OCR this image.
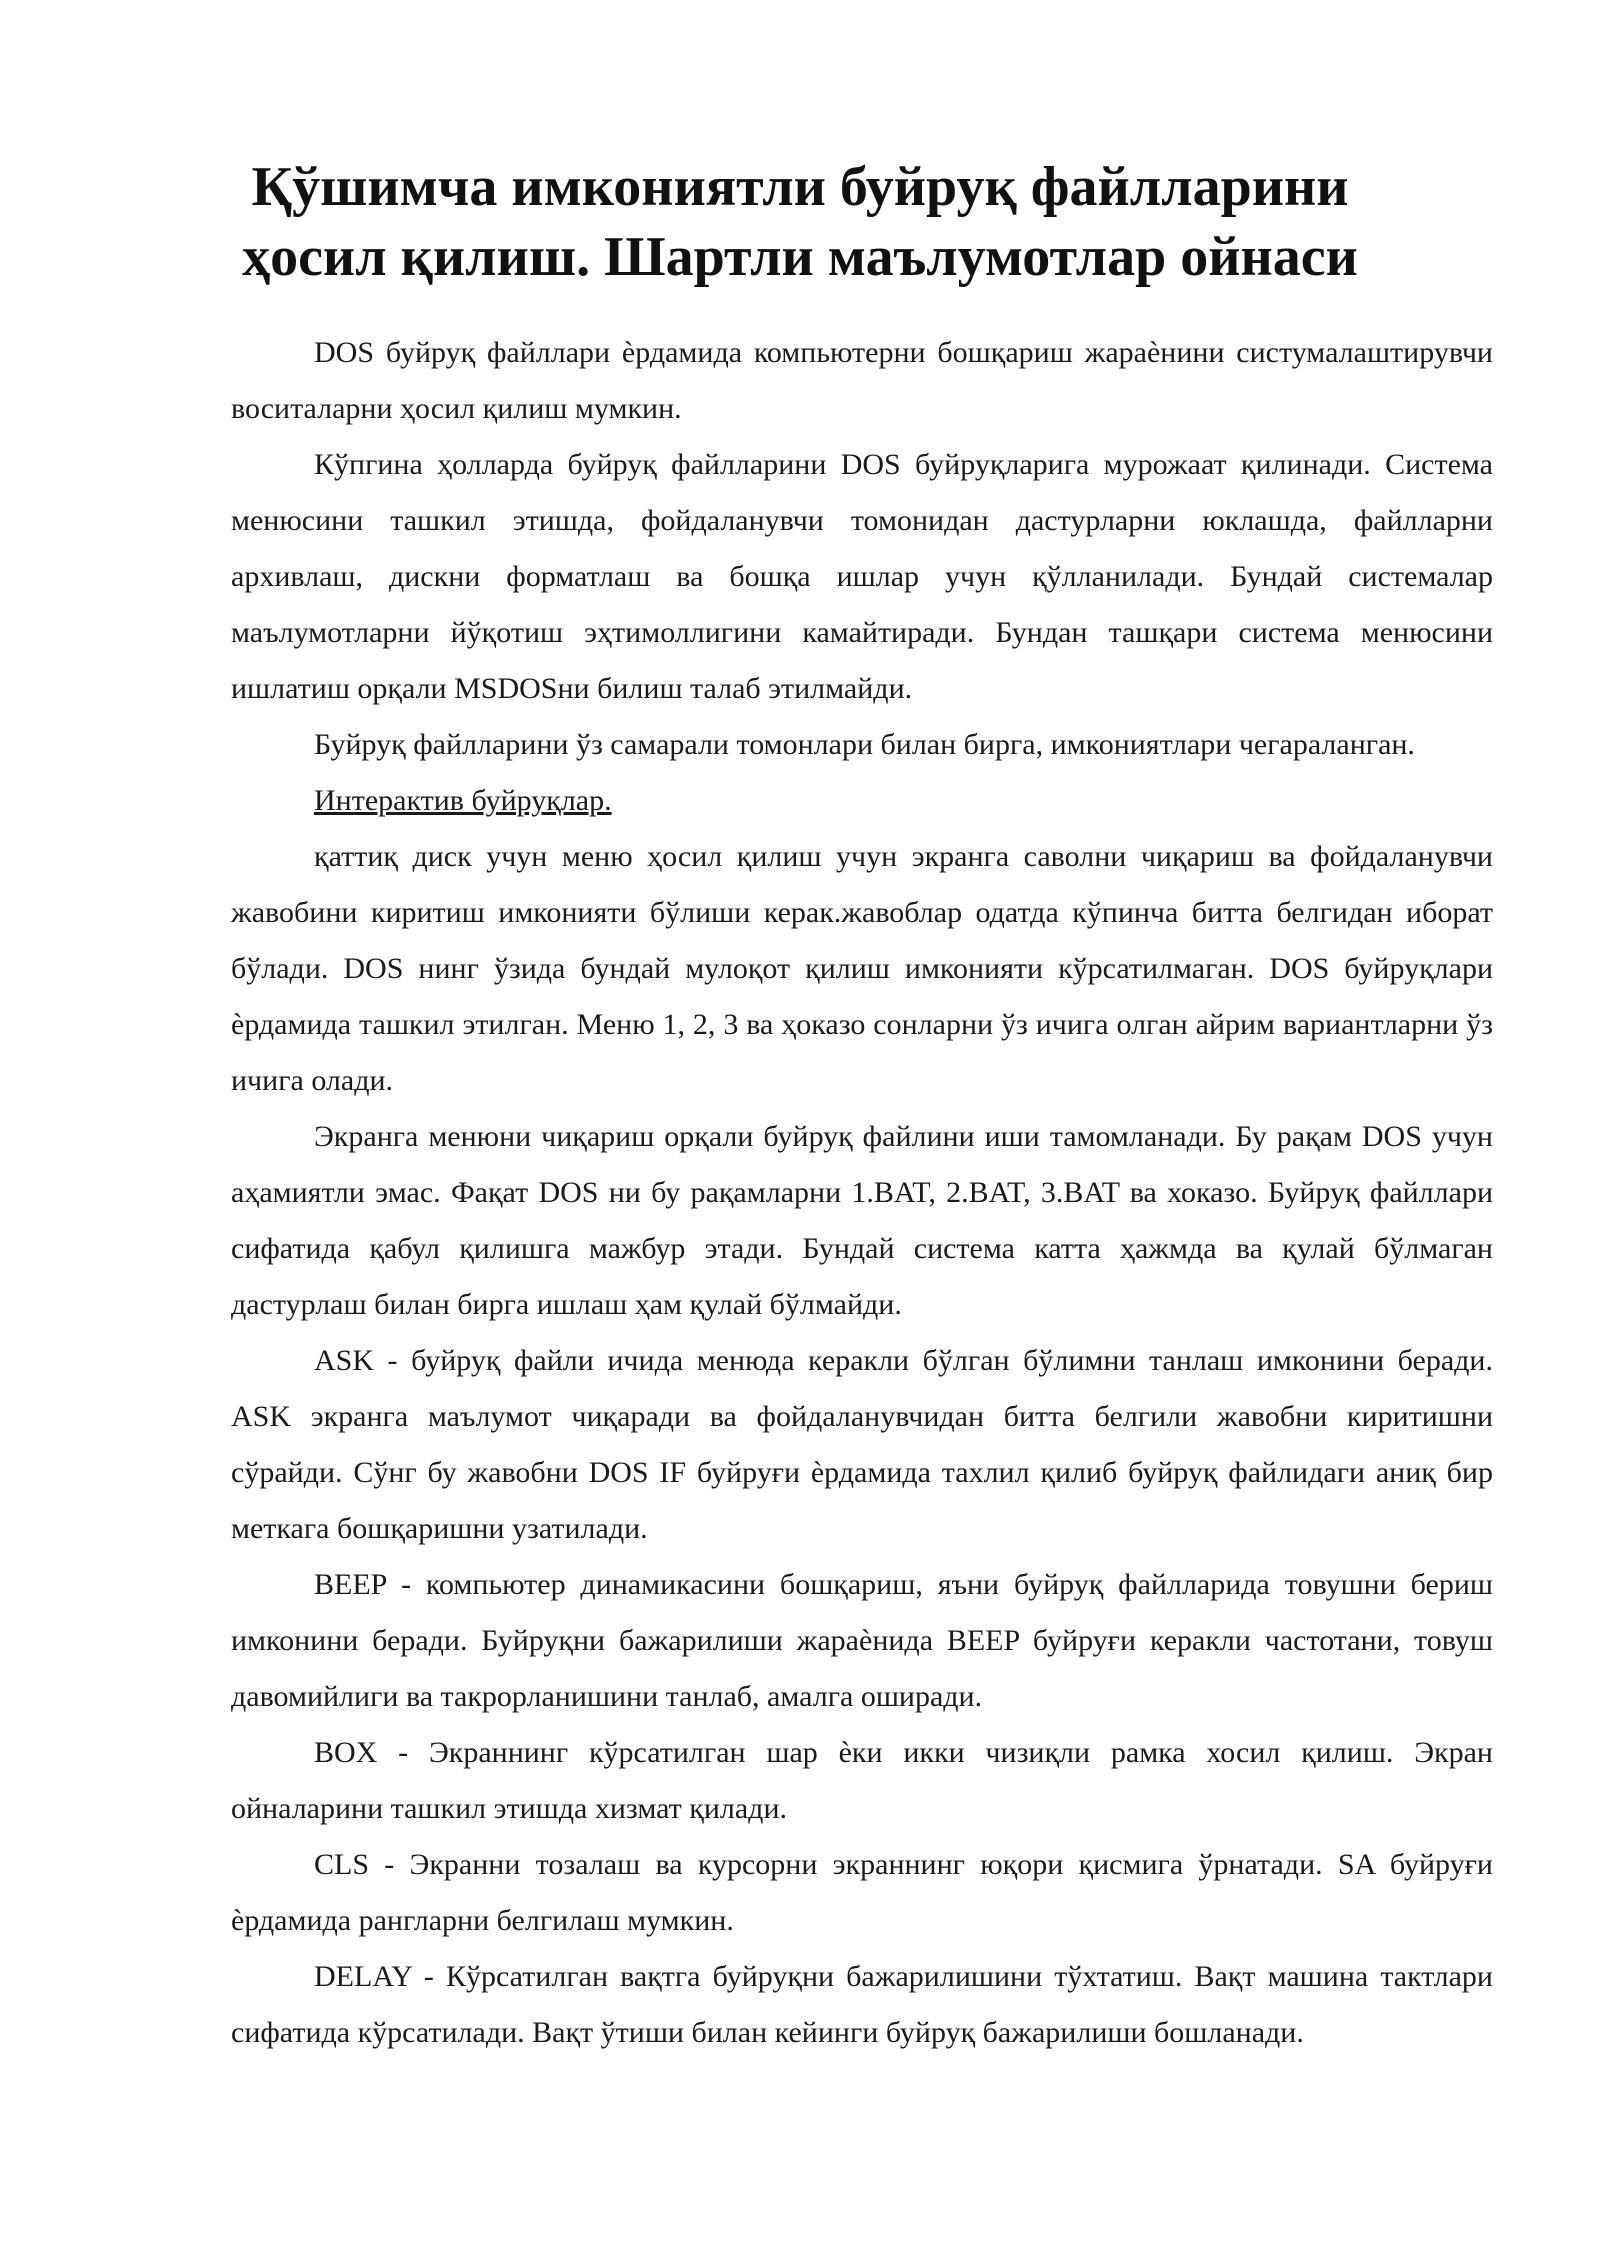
Қўшимча имкониятли буйруқ файлларини ҳосил қилиш. Шартли маълумотлар ойнаси

DOS буйруқ файллари ѐрдамида компьютерни бошқариш жараѐнини систумалаштирувчи воситаларни ҳосил қилиш мумкин.

Кўпгина ҳолларда буйруқ файлларини DOS буйруқларига мурожаат қилинади. Система менюсини ташкил этишда, фойдаланувчи томонидан дастурларни юклашда, файлларни архивлаш, дискни форматлаш ва бошқа ишлар учун қўлланилади. Бундай системалар маълумотларни йўқотиш эҳтимоллигини камайтиради. Бундан ташқари система менюсини ишлатиш орқали MSDOSни билиш талаб этилмайди.

Буйруқ файлларини ўз самарали томонлари билан бирга, имкониятлари чегараланган.

Интерактив буйруқлар.

қаттиқ диск учун меню ҳосил қилиш учун экранга саволни чиқариш ва фойдаланувчи жавобини киритиш имконияти бўлиши керак.жавоблар одатда кўпинча битта белгидан иборат бўлади. DOS нинг ўзида бундай мулоқот қилиш имконияти кўрсатилмаган. DOS буйруқлари ѐрдамида ташкил этилган. Меню 1, 2, 3 ва ҳоказо сонларни ўз ичига олган айрим вариантларни ўз ичига олади.

Экранга менюни чиқариш орқали буйруқ файлини иши тамомланади. Бу рақам DOS учун аҳамиятли эмас. Фақат DOS ни бу рақамларни 1.BAT, 2.BAT, 3.BAT ва хоказо. Буйруқ файллари сифатида қабул қилишга мажбур этади. Бундай система катта ҳажмда ва қулай бўлмаган дастурлаш билан бирга ишлаш ҳам қулай бўлмайди.

ASK - буйруқ файли ичида менюда керакли бўлган бўлимни танлаш имконини беради. ASK экранга маълумот чиқаради ва фойдаланувчидан битта белгили жавобни киритишни сўрайди. Сўнг бу жавобни DOS IF буйруғи ѐрдамида тахлил қилиб буйруқ файлидаги аниқ бир меткага бошқаришни узатилади.

BEEP - компьютер динамикасини бошқариш, яъни буйруқ файлларида товушни бериш имконини беради. Буйруқни бажарилиши жараѐнида BEEP буйруғи керакли частотани, товуш давомийлиги ва такрорланишини танлаб, амалга оширади.

BOX - Экраннинг кўрсатилган шар ѐки икки чизиқли рамка хосил қилиш. Экран ойналарини ташкил этишда хизмат қилади.

CLS - Экранни тозалаш ва курсорни экраннинг юқори қисмига ўрнатади. SA буйруғи ѐрдамида рангларни белгилаш мумкин.

DELAY - Кўрсатилган вақтга буйруқни бажарилишини тўхтатиш. Вақт машина тактлари сифатида кўрсатилади. Вақт ўтиши билан кейинги буйруқ бажарилиши бошланади.
